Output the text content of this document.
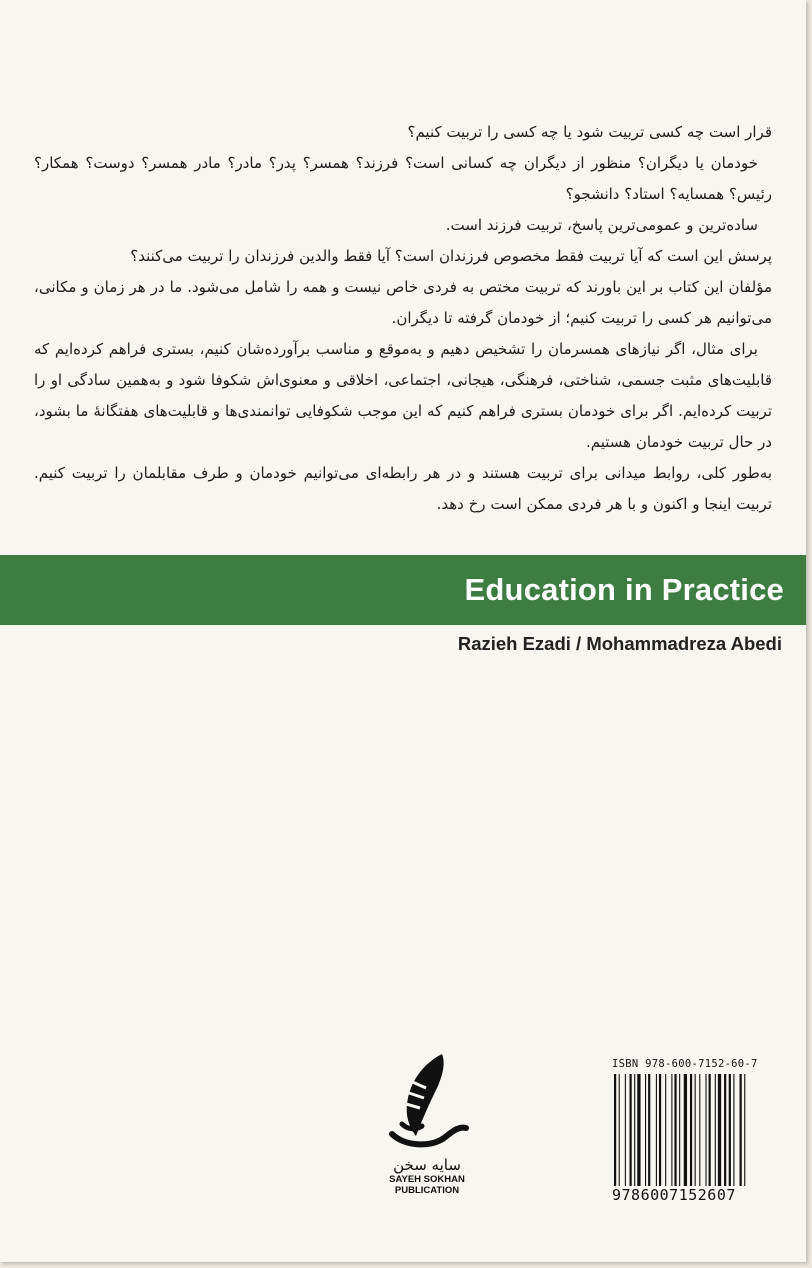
قرار است چه کسی تربیت شود یا چه کسی را تربیت کنیم؟

خودمان یا دیگران؟ منظور از دیگران چه کسانی است؟ فرزند؟ همسر؟ پدر؟ مادر؟ مادر همسر؟ دوست؟ همکار؟ رئیس؟ همسایه؟ استاد؟ دانشجو؟

ساده‌ترین و عمومی‌ترین پاسخ، تربیت فرزند است.

پرسش این است که آیا تربیت فقط مخصوص فرزندان است؟ آیا فقط والدین فرزندان را تربیت می‌کنند؟

مؤلفان این کتاب بر این باورند که تربیت مختص به فردی خاص نیست و همه را شامل می‌شود. ما در هر زمان و مکانی، می‌توانیم هر کسی را تربیت کنیم؛ از خودمان گرفته تا دیگران.

برای مثال، اگر نیازهای همسرمان را تشخیص دهیم و به‌موقع و مناسب برآورده‌شان کنیم، بستری فراهم کرده‌ایم که قابلیت‌های مثبت جسمی، شناختی، فرهنگی، هیجانی، اجتماعی، اخلاقی و معنوی‌اش شکوفا شود و به‌همین سادگی او را تربیت کرده‌ایم. اگر برای خودمان بستری فراهم کنیم که این موجب شکوفایی توانمندی‌ها و قابلیت‌های هفتگانهٔ ما بشود، در حال تربیت خودمان هستیم.

به‌طور کلی، روابط میدانی برای تربیت هستند و در هر رابطه‌ای می‌توانیم خودمان و طرف مقابلمان را تربیت کنیم. تربیت اینجا و اکنون و با هر فردی ممکن است رخ دهد.

Education in Practice
Razieh Ezadi / Mohammadreza Abedi
سایه سخن
SAYEH SOKHAN
PUBLICATION
ISBN 978-600-7152-60-7
9786007152607
